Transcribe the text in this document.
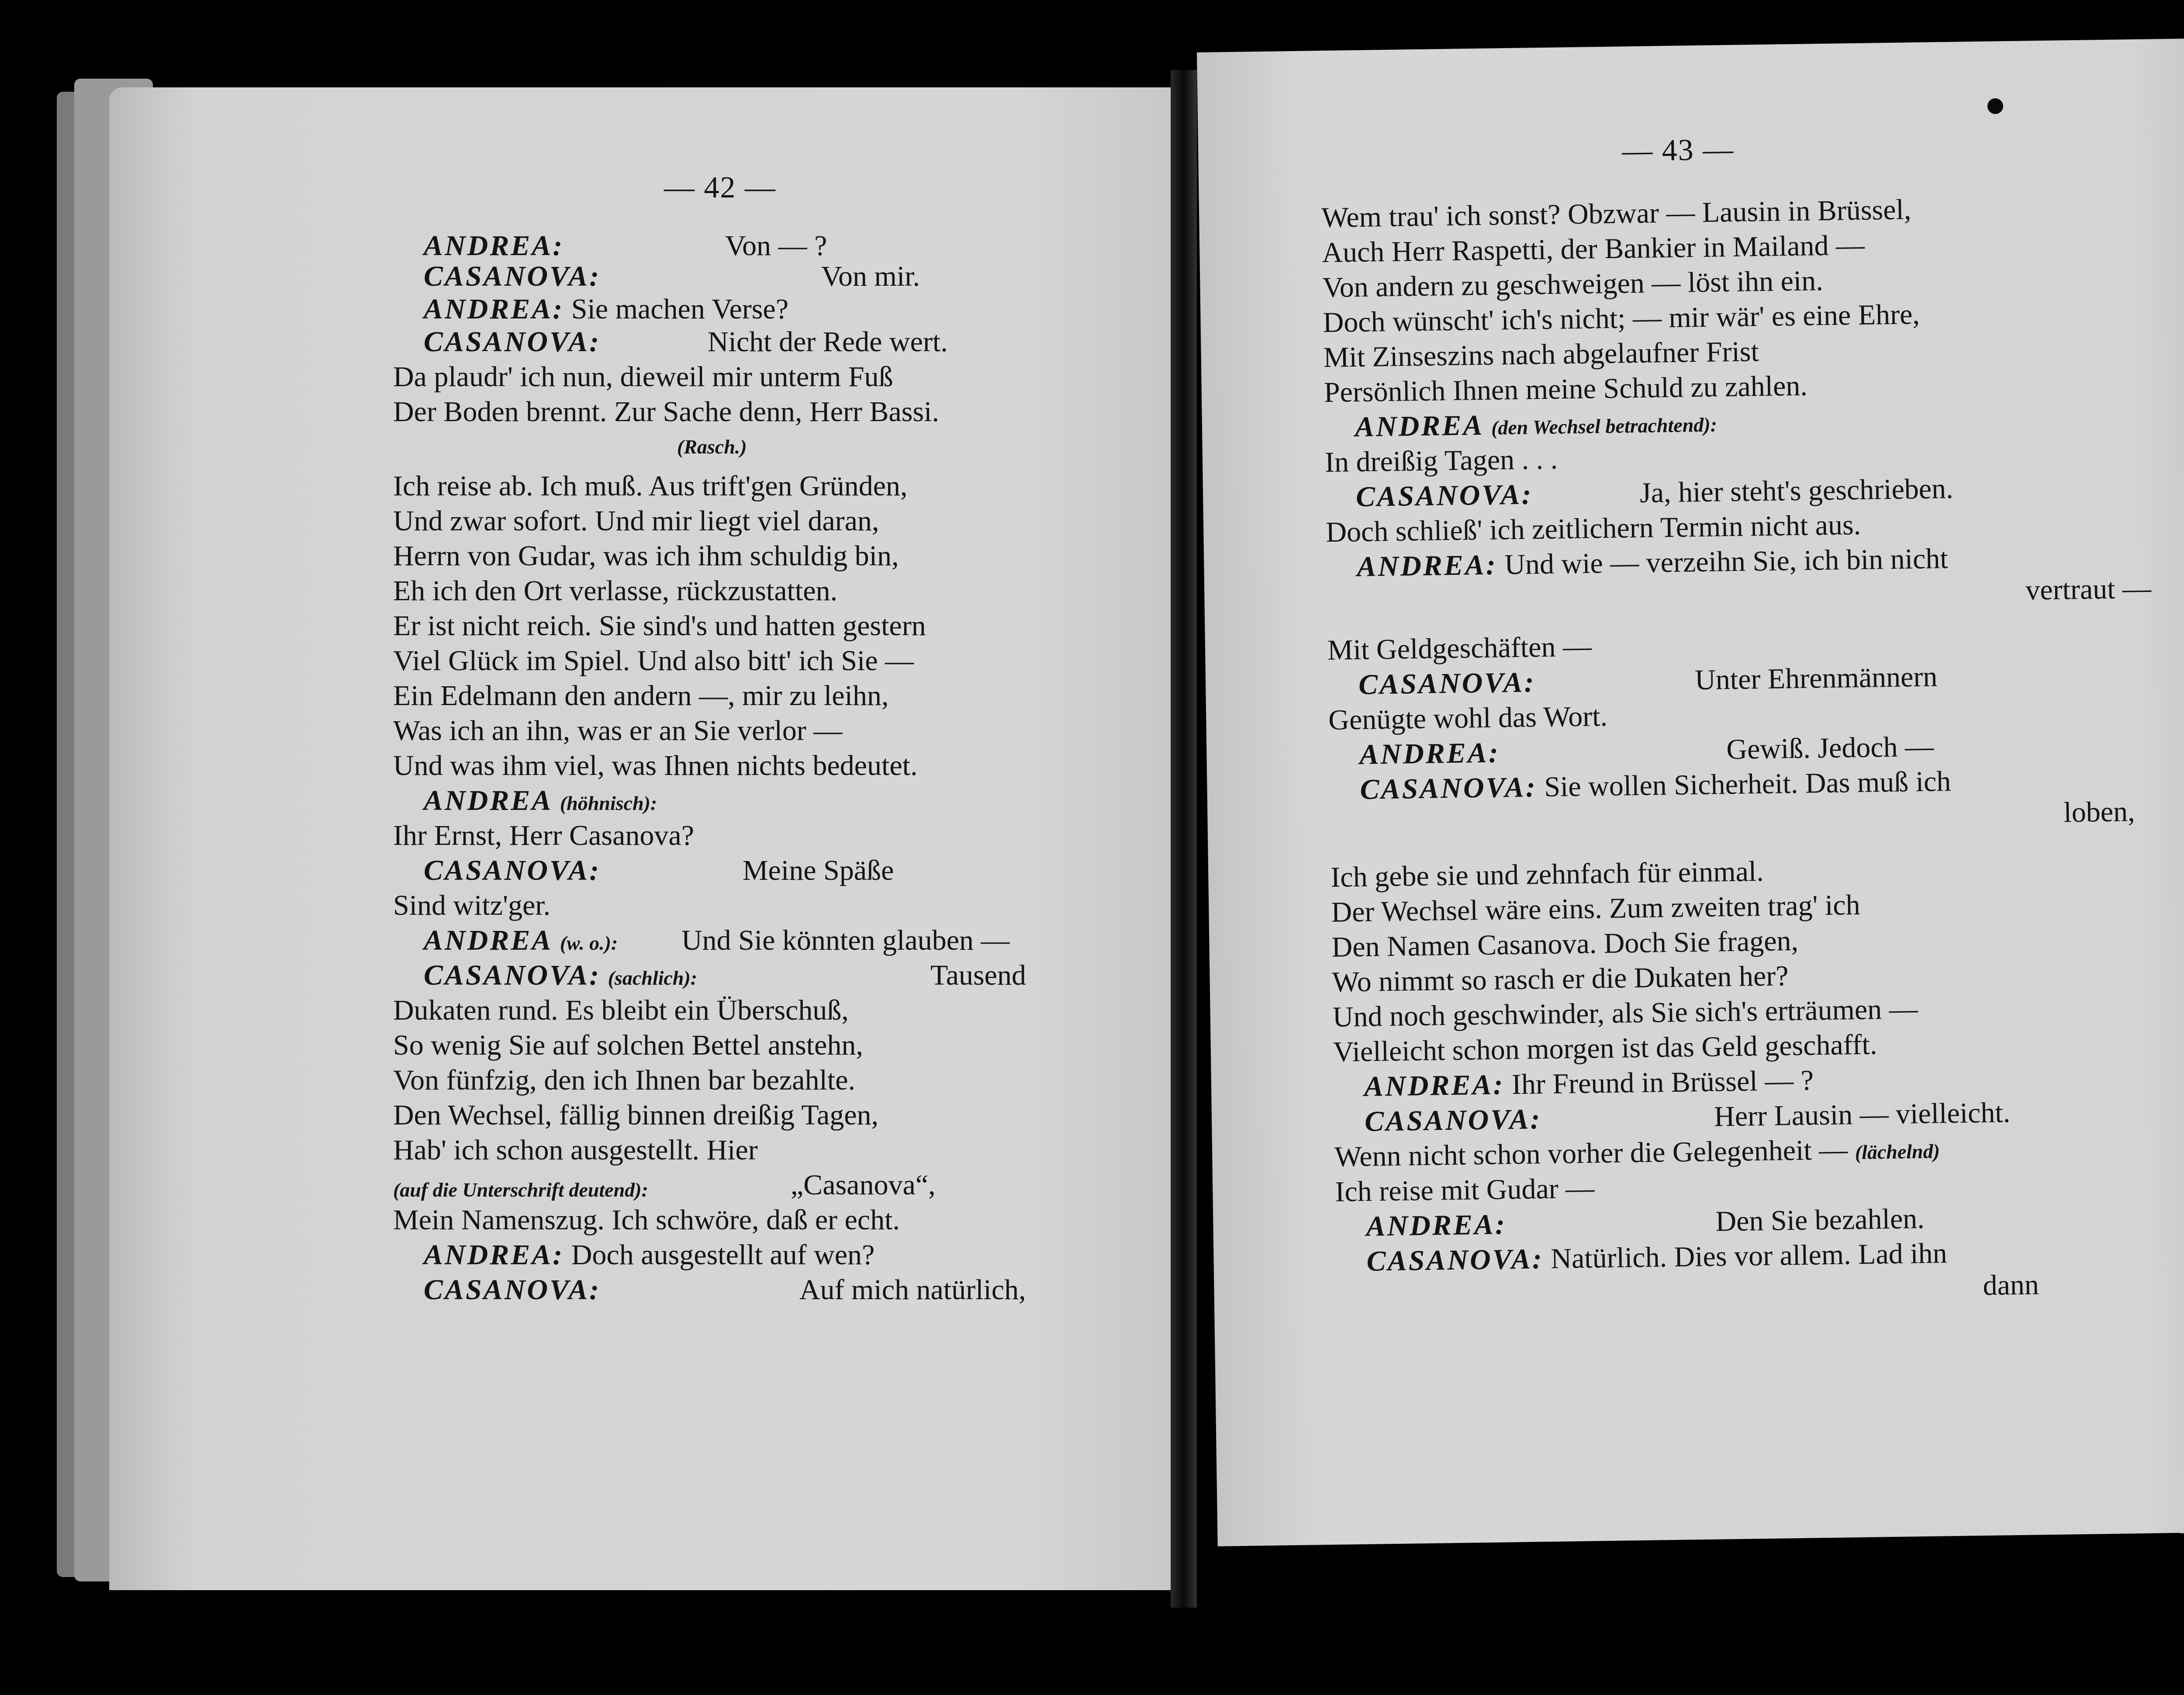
— 42 —
ANDREA:	Von — ?
CASANOVA:	Von mir.
ANDREA: Sie machen Verse?
CASANOVA:	Nicht der Rede wert.
Da plaudr' ich nun, dieweil mir unterm Fuß
Der Boden brennt. Zur Sache denn, Herr Bassi.
(Rasch.)
Ich reise ab. Ich muß. Aus trift'gen Gründen,
Und zwar sofort. Und mir liegt viel daran,
Herrn von Gudar, was ich ihm schuldig bin,
Eh ich den Ort verlasse, rückzustatten.
Er ist nicht reich. Sie sind's und hatten gestern
Viel Glück im Spiel. Und also bitt' ich Sie —
Ein Edelmann den andern —, mir zu leihn,
Was ich an ihn, was er an Sie verlor —
Und was ihm viel, was Ihnen nichts bedeutet.
ANDREA (höhnisch):
Ihr Ernst, Herr Casanova?
CASANOVA:	Meine Späße
Sind witz'ger.
ANDREA (w. o.): Und Sie könnten glauben —
CASANOVA: (sachlich):	Tausend
Dukaten rund. Es bleibt ein Überschuß,
So wenig Sie auf solchen Bettel anstehn,
Von fünfzig, den ich Ihnen bar bezahlte.
Den Wechsel, fällig binnen dreißig Tagen,
Hab' ich schon ausgestellt. Hier
(auf die Unterschrift deutend):	„Casanova“,
Mein Namenszug. Ich schwöre, daß er echt.
ANDREA: Doch ausgestellt auf wen?
CASANOVA:	Auf mich natürlich,
— 43 —
Wem trau' ich sonst? Obzwar — Lausin in Brüssel,
Auch Herr Raspetti, der Bankier in Mailand —
Von andern zu geschweigen — löst ihn ein.
Doch wünscht' ich's nicht; — mir wär' es eine Ehre,
Mit Zinseszins nach abgelaufner Frist
Persönlich Ihnen meine Schuld zu zahlen.
ANDREA (den Wechsel betrachtend):
In dreißig Tagen . . .
CASANOVA:	Ja, hier steht's geschrieben.
Doch schließ' ich zeitlichern Termin nicht aus.
ANDREA: Und wie — verzeihn Sie, ich bin nicht
vertraut —
Mit Geldgeschäften —
CASANOVA:	Unter Ehrenmännern
Genügte wohl das Wort.
ANDREA:	Gewiß. Jedoch —
CASANOVA: Sie wollen Sicherheit. Das muß ich
loben,
Ich gebe sie und zehnfach für einmal.
Der Wechsel wäre eins. Zum zweiten trag' ich
Den Namen Casanova. Doch Sie fragen,
Wo nimmt so rasch er die Dukaten her?
Und noch geschwinder, als Sie sich's erträumen —
Vielleicht schon morgen ist das Geld geschafft.
ANDREA: Ihr Freund in Brüssel — ?
CASANOVA:	Herr Lausin — vielleicht.
Wenn nicht schon vorher die Gelegenheit — (lächelnd)
Ich reise mit Gudar —
ANDREA:	Den Sie bezahlen.
CASANOVA: Natürlich. Dies vor allem. Lad ihn
dann
